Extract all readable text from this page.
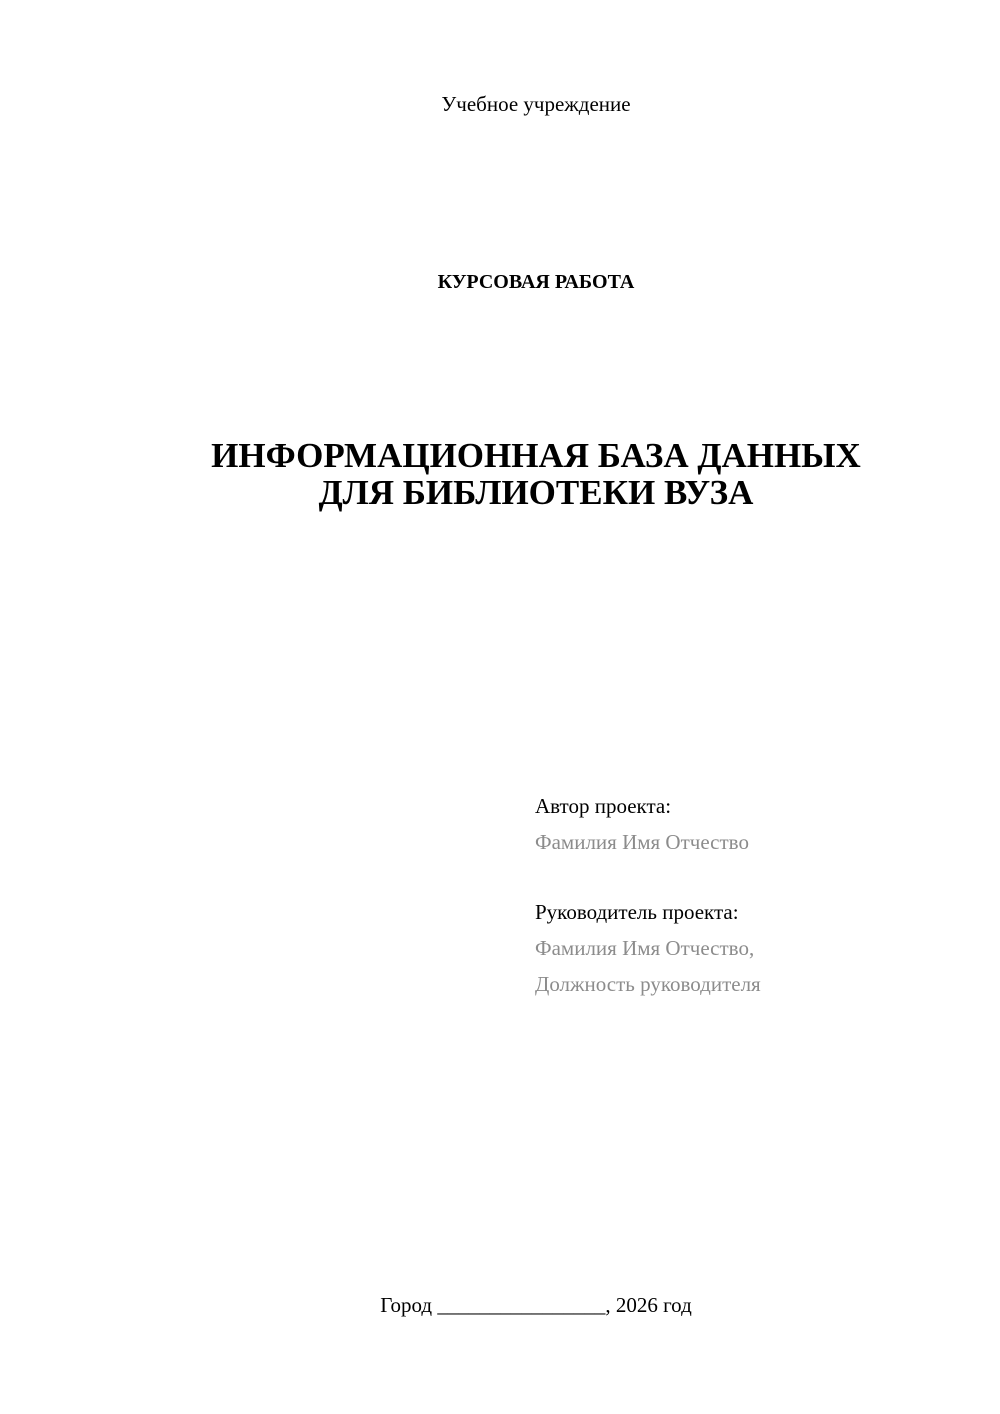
Учебное учреждение
КУРСОВАЯ РАБОТА
ИНФОРМАЦИОННАЯ БАЗА ДАННЫХ
ДЛЯ БИБЛИОТЕКИ ВУЗА
Автор проекта:
Фамилия Имя Отчество
Руководитель проекта:
Фамилия Имя Отчество,
Должность руководителя
Город ________________, 2026 год
